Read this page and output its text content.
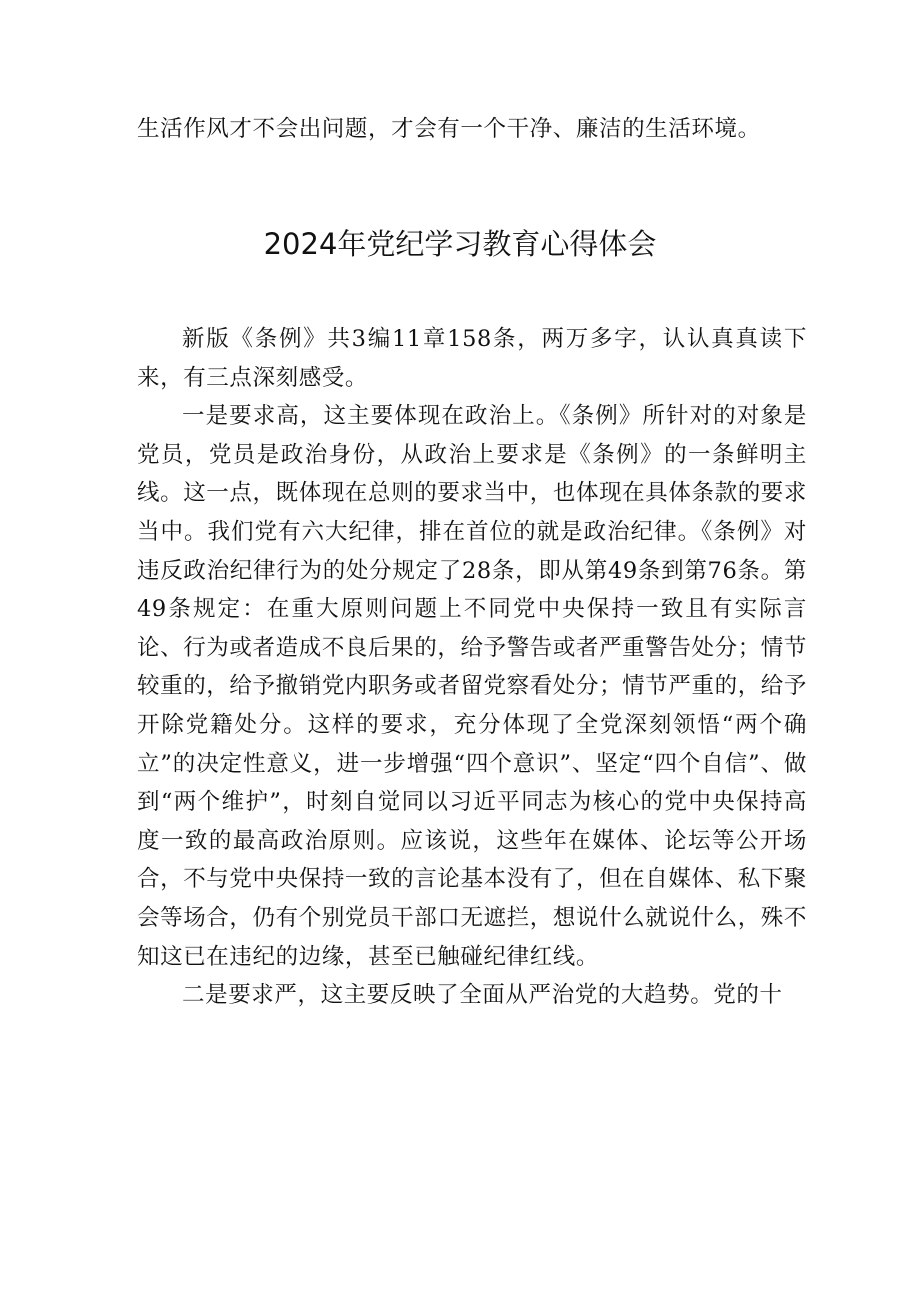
生活作风才不会出问题，才会有一个干净、廉洁的生活环境。

2024年党纪学习教育心得体会

新版《条例》共3编11章158条，两万多字，认认真真读下来，有三点深刻感受。

一是要求高，这主要体现在政治上。《条例》所针对的对象是党员，党员是政治身份，从政治上要求是《条例》的一条鲜明主线。这一点，既体现在总则的要求当中，也体现在具体条款的要求当中。我们党有六大纪律，排在首位的就是政治纪律。《条例》对违反政治纪律行为的处分规定了28条，即从第49条到第76条。第49条规定：在重大原则问题上不同党中央保持一致且有实际言论、行为或者造成不良后果的，给予警告或者严重警告处分；情节较重的，给予撤销党内职务或者留党察看处分；情节严重的，给予开除党籍处分。这样的要求，充分体现了全党深刻领悟“两个确立”的决定性意义，进一步增强“四个意识”、坚定“四个自信”、做到“两个维护”，时刻自觉同以习近平同志为核心的党中央保持高度一致的最高政治原则。应该说，这些年在媒体、论坛等公开场合，不与党中央保持一致的言论基本没有了，但在自媒体、私下聚会等场合，仍有个别党员干部口无遮拦，想说什么就说什么，殊不知这已在违纪的边缘，甚至已触碰纪律红线。

二是要求严，这主要反映了全面从严治党的大趋势。党的十
